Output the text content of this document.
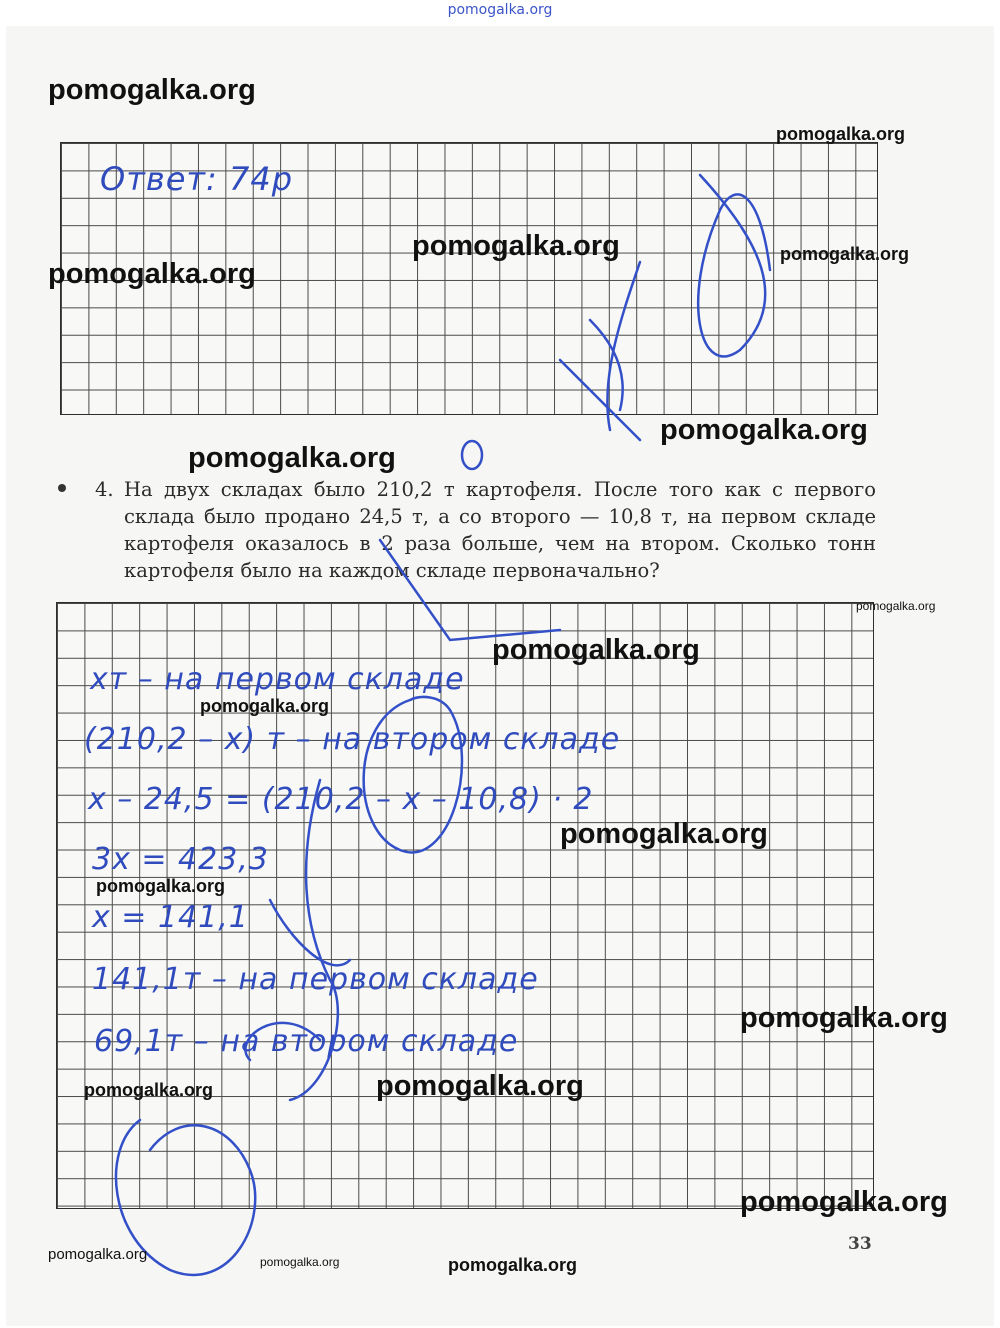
pomogalka.org
Ответ: 74р
4. На двух складах было 210,2 т картофеля. После того как с первого склада было продано 24,5 т, а со второго — 10,8 т, на первом складе картофеля оказалось в 2 раза больше, чем на втором. Сколько тонн картофеля было на каждом складе первоначально?
xт – на первом складе
(210,2 – x) т – на втором складе
x – 24,5 = (210,2 – x – 10,8) · 2
3x = 423,3
x = 141,1
141,1т – на первом складе
69,1т – на втором складе
pomogalka.org
pomogalka.org
pomogalka.org	pomogalka.org
pomogalka.org
pomogalka.org
pomogalka.org
pomogalka.org
pomogalka.org
pomogalka.org
pomogalka.org
pomogalka.org
pomogalka.org
pomogalka.org	pomogalka.org
pomogalka.org
pomogalka.org	pomogalka.org	pomogalka.org
33
